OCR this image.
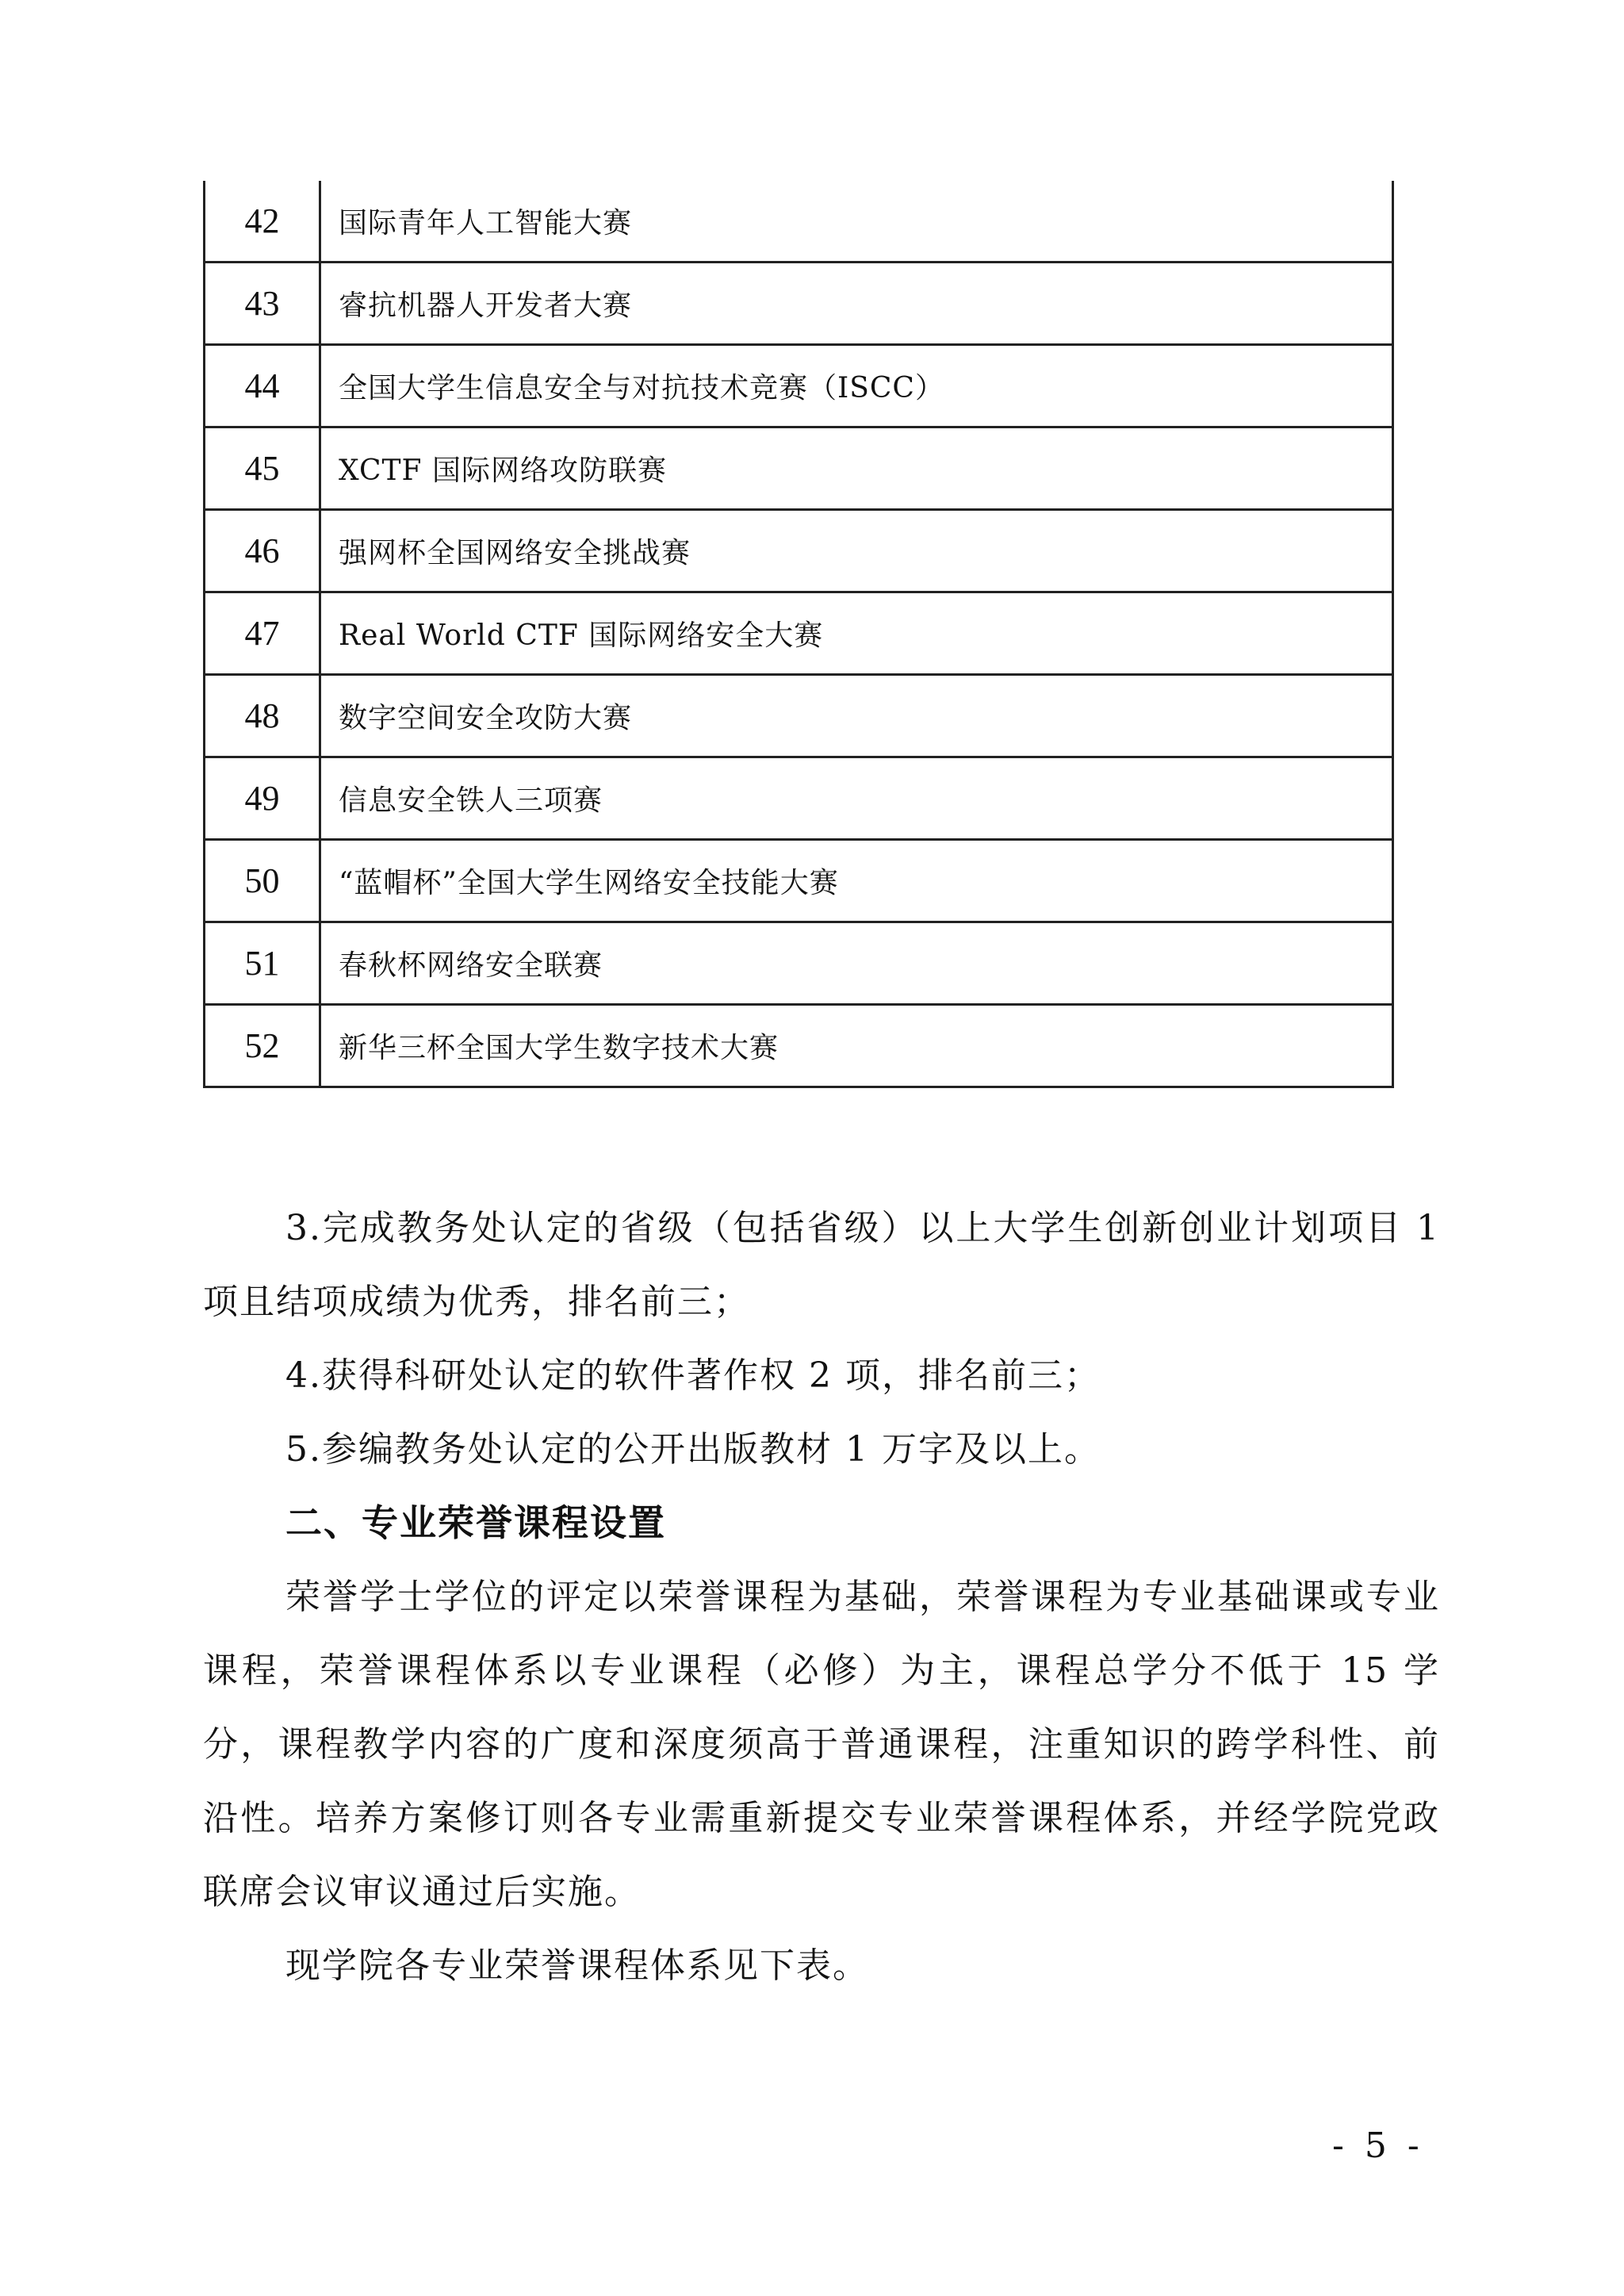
42	国际青年人工智能大赛
43	睿抗机器人开发者大赛
44	全国大学生信息安全与对抗技术竞赛（ISCC）
45	XCTF 国际网络攻防联赛
46	强网杯全国网络安全挑战赛
47	Real World CTF 国际网络安全大赛
48	数字空间安全攻防大赛
49	信息安全铁人三项赛
50	“蓝帽杯”全国大学生网络安全技能大赛
51	春秋杯网络安全联赛
52	新华三杯全国大学生数字技术大赛

3.完成教务处认定的省级（包括省级）以上大学生创新创业计划项目 1 项且结项成绩为优秀，排名前三；

4.获得科研处认定的软件著作权 2 项，排名前三；

5.参编教务处认定的公开出版教材 1 万字及以上。

二、专业荣誉课程设置

荣誉学士学位的评定以荣誉课程为基础，荣誉课程为专业基础课或专业课程，荣誉课程体系以专业课程（必修）为主，课程总学分不低于 15 学分，课程教学内容的广度和深度须高于普通课程，注重知识的跨学科性、前沿性。培养方案修订则各专业需重新提交专业荣誉课程体系，并经学院党政联席会议审议通过后实施。

现学院各专业荣誉课程体系见下表。

- 5 -
